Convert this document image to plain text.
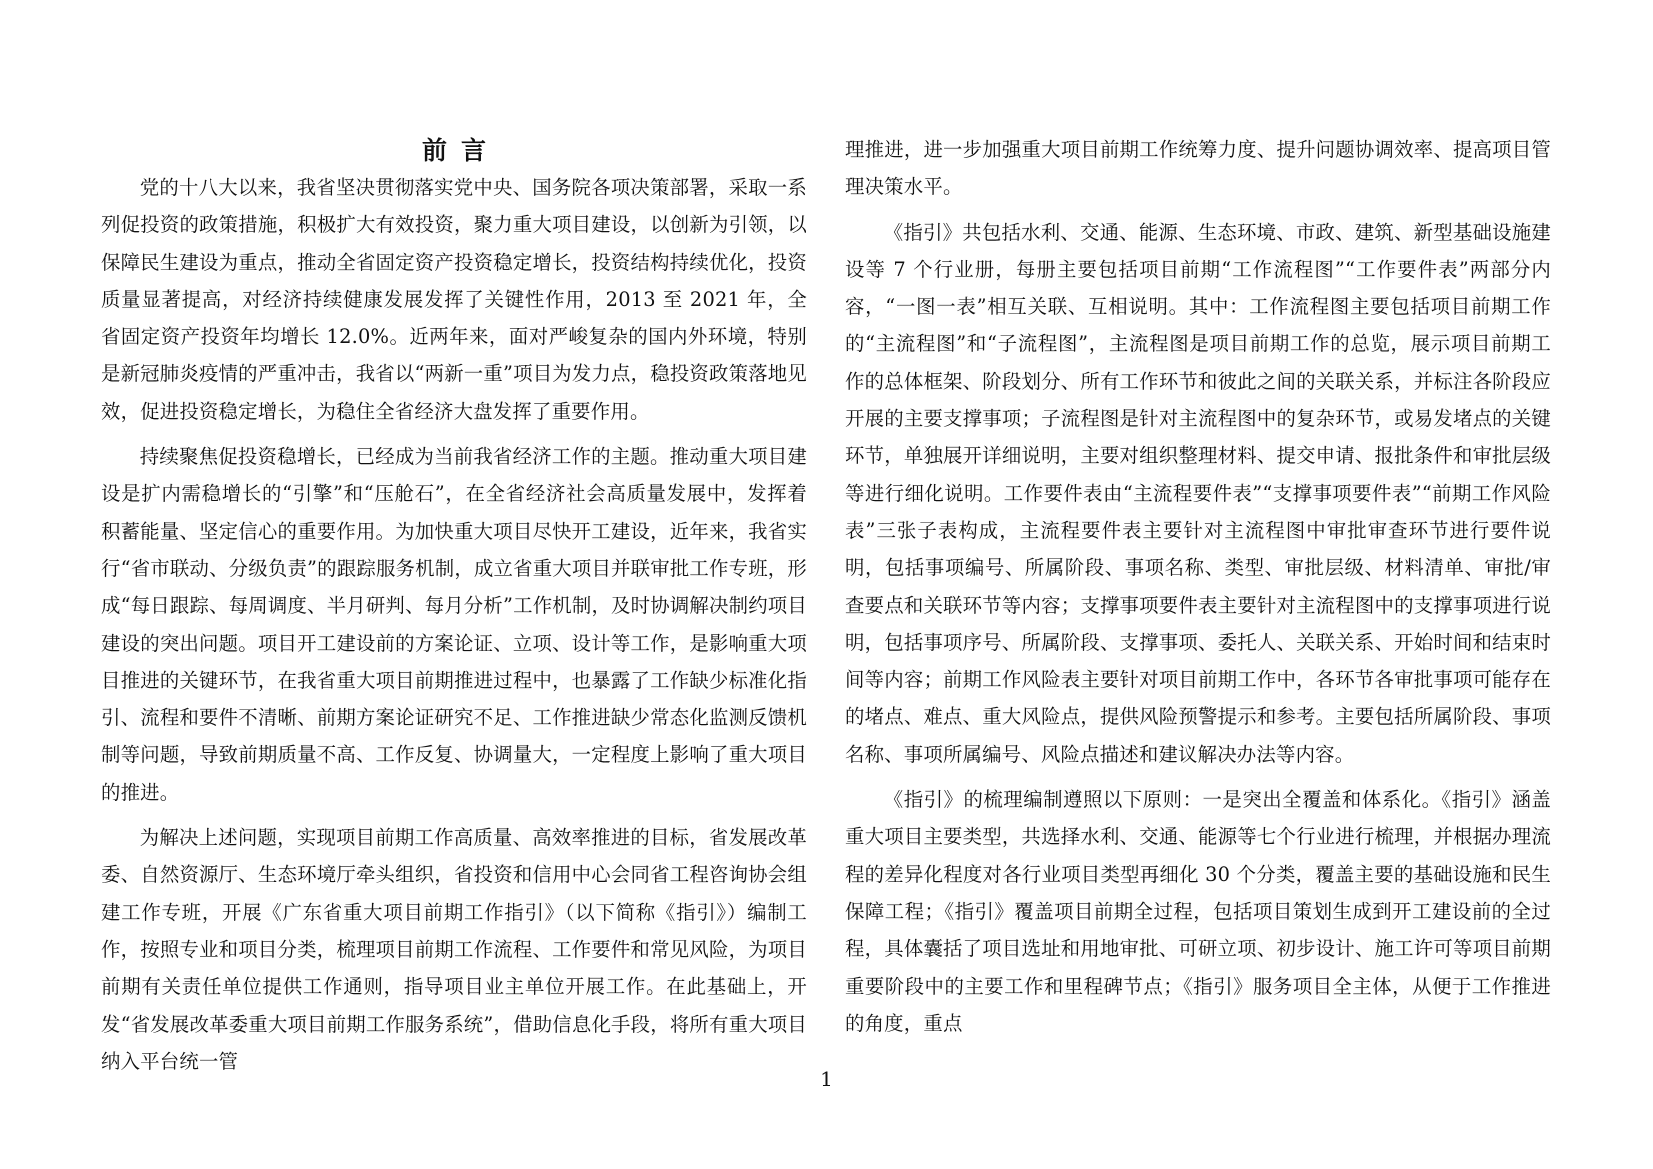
前言

党的十八大以来，我省坚决贯彻落实党中央、国务院各项决策部署，采取一系列促投资的政策措施，积极扩大有效投资，聚力重大项目建设，以创新为引领，以保障民生建设为重点，推动全省固定资产投资稳定增长，投资结构持续优化，投资质量显著提高，对经济持续健康发展发挥了关键性作用，2013 至 2021 年，全省固定资产投资年均增长 12.0%。近两年来，面对严峻复杂的国内外环境，特别是新冠肺炎疫情的严重冲击，我省以“两新一重”项目为发力点，稳投资政策落地见效，促进投资稳定增长，为稳住全省经济大盘发挥了重要作用。

持续聚焦促投资稳增长，已经成为当前我省经济工作的主题。推动重大项目建设是扩内需稳增长的“引擎”和“压舱石”，在全省经济社会高质量发展中，发挥着积蓄能量、坚定信心的重要作用。为加快重大项目尽快开工建设，近年来，我省实行“省市联动、分级负责”的跟踪服务机制，成立省重大项目并联审批工作专班，形成“每日跟踪、每周调度、半月研判、每月分析”工作机制，及时协调解决制约项目建设的突出问题。项目开工建设前的方案论证、立项、设计等工作，是影响重大项目推进的关键环节，在我省重大项目前期推进过程中，也暴露了工作缺少标准化指引、流程和要件不清晰、前期方案论证研究不足、工作推进缺少常态化监测反馈机制等问题，导致前期质量不高、工作反复、协调量大，一定程度上影响了重大项目的推进。

为解决上述问题，实现项目前期工作高质量、高效率推进的目标，省发展改革委、自然资源厅、生态环境厅牵头组织，省投资和信用中心会同省工程咨询协会组建工作专班，开展《广东省重大项目前期工作指引》（以下简称《指引》）编制工作，按照专业和项目分类，梳理项目前期工作流程、工作要件和常见风险，为项目前期有关责任单位提供工作通则，指导项目业主单位开展工作。在此基础上，开发“省发展改革委重大项目前期工作服务系统”，借助信息化手段，将所有重大项目纳入平台统一管

理推进，进一步加强重大项目前期工作统筹力度、提升问题协调效率、提高项目管理决策水平。

《指引》共包括水利、交通、能源、生态环境、市政、建筑、新型基础设施建设等 7 个行业册，每册主要包括项目前期“工作流程图”“工作要件表”两部分内容，“一图一表”相互关联、互相说明。其中：工作流程图主要包括项目前期工作的“主流程图”和“子流程图”，主流程图是项目前期工作的总览，展示项目前期工作的总体框架、阶段划分、所有工作环节和彼此之间的关联关系，并标注各阶段应开展的主要支撑事项；子流程图是针对主流程图中的复杂环节，或易发堵点的关键环节，单独展开详细说明，主要对组织整理材料、提交申请、报批条件和审批层级等进行细化说明。工作要件表由“主流程要件表”“支撑事项要件表”“前期工作风险表”三张子表构成，主流程要件表主要针对主流程图中审批审查环节进行要件说明，包括事项编号、所属阶段、事项名称、类型、审批层级、材料清单、审批/审查要点和关联环节等内容；支撑事项要件表主要针对主流程图中的支撑事项进行说明，包括事项序号、所属阶段、支撑事项、委托人、关联关系、开始时间和结束时间等内容；前期工作风险表主要针对项目前期工作中，各环节各审批事项可能存在的堵点、难点、重大风险点，提供风险预警提示和参考。主要包括所属阶段、事项名称、事项所属编号、风险点描述和建议解决办法等内容。

《指引》的梳理编制遵照以下原则：一是突出全覆盖和体系化。《指引》涵盖重大项目主要类型，共选择水利、交通、能源等七个行业进行梳理，并根据办理流程的差异化程度对各行业项目类型再细化 30 个分类，覆盖主要的基础设施和民生保障工程；《指引》覆盖项目前期全过程，包括项目策划生成到开工建设前的全过程，具体囊括了项目选址和用地审批、可研立项、初步设计、施工许可等项目前期重要阶段中的主要工作和里程碑节点；《指引》服务项目全主体，从便于工作推进的角度，重点

1
